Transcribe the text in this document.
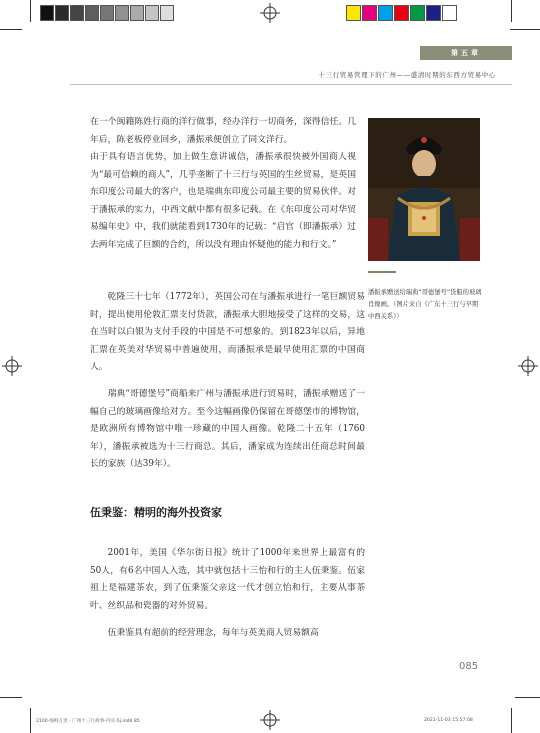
第五章
十三行贸易管理下的广州——盛清时期的东西方贸易中心
在一个闽籍陈姓行商的洋行做事，经办洋行一切商务，深得信任。几年后，陈老板停业回乡，潘振承便创立了同文洋行。
由于具有语言优势，加上做生意讲诚信，潘振承很快被外国商人视为“最可信赖的商人”，几乎垄断了十三行与英国的生丝贸易，是英国东印度公司最大的客户，也是瑞典东印度公司最主要的贸易伙伴。对于潘振承的实力，中西文献中都有很多记载。在《东印度公司对华贸易编年史》中，我们就能看到1730年的记载：“启官（即潘振承）过去两年完成了巨额的合约，所以没有理由怀疑他的能力和行文。”
乾隆三十七年（1772年），英国公司在与潘振承进行一笔巨额贸易时，提出使用伦敦汇票支付货款，潘振承大胆地接受了这样的交易，这在当时以白银为支付手段的中国是不可想象的。到1823年以后，异地汇票在英美对华贸易中普遍使用，而潘振承是最早使用汇票的中国商人。
瑞典“哥德堡号”商船来广州与潘振承进行贸易时，潘振承赠送了一幅自己的玻璃画像给对方。至今这幅画像仍保留在哥德堡市的博物馆，是欧洲所有博物馆中唯一珍藏的中国人画像。乾隆二十五年（1760年），潘振承被选为十三行商总。其后，潘家成为连续出任商总时间最长的家族（达39年）。
伍秉鉴：精明的海外投资家
2001年，美国《华尔街日报》统计了1000年来世界上最富有的50人，有6名中国人入选，其中就包括十三怡和行的主人伍秉鉴。伍家祖上是福建茶农，到了伍秉鉴父亲这一代才创立怡和行，主要从事茶叶、丝织品和瓷器的对外贸易。
伍秉鉴具有超前的经营理念，每年与英美商人贸易额高
潘振承赠送给瑞典“哥德堡号”货船的玻璃肖像画。（图片来自《广东十三行与早期中西关系》）
085
2100-海鲜万里 · 广州十三行故事-内页-5j.indd 85	2021-11-03 15:57:08
